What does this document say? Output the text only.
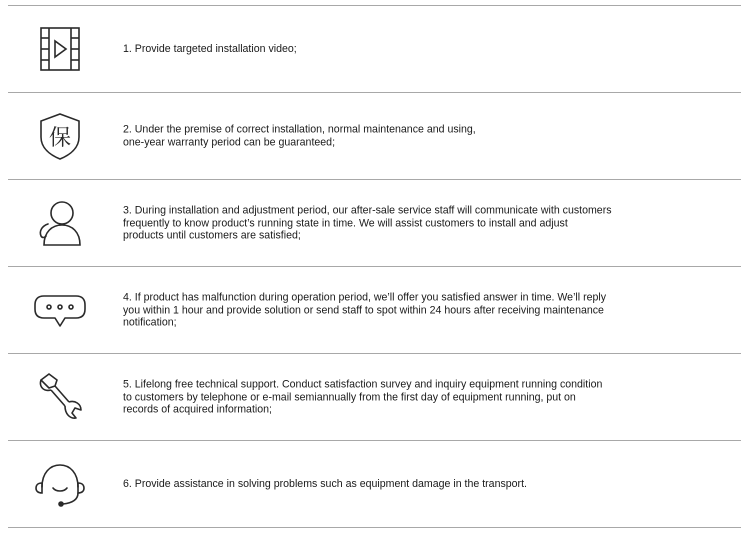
1. Provide targeted installation video;
保	2. Under the premise of correct installation, normal maintenance and using,
one-year warranty period can be guaranteed;
3. During installation and adjustment period, our after-sale service staff will communicate with customers
frequently to know product’s running state in time. We will assist customers to install and adjust
products until customers are satisfied;
4. If product has malfunction during operation period, we’ll offer you satisfied answer in time. We’ll reply
you within 1 hour and provide solution or send staff to spot within 24 hours after receiving maintenance
notification;
5. Lifelong free technical support. Conduct satisfaction survey and inquiry equipment running condition
to customers by telephone or e-mail semiannually from the first day of equipment running, put on
records of acquired information;
6. Provide assistance in solving problems such as equipment damage in the transport.
